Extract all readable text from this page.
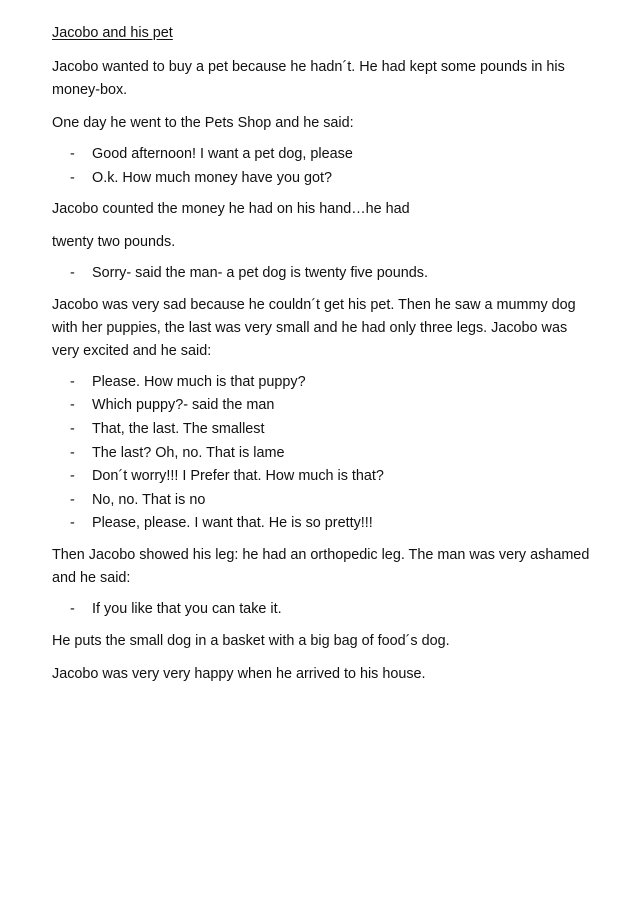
Jacobo and his pet

Jacobo wanted to buy a pet because he hadn´t. He had kept some pounds in his money-box.

One day he went to the Pets Shop and he said:

- Good afternoon! I want a pet dog, please
- O.k. How much money have you got?

Jacobo counted the money he had on his hand…he had

twenty two pounds.

- Sorry- said the man- a pet dog is twenty five pounds.

Jacobo was very sad because he couldn´t get his pet. Then he saw a mummy dog with her puppies, the last was very small and he had only three legs. Jacobo was very excited and he said:

- Please. How much is that puppy?
- Which puppy?- said the man
- That, the last. The smallest
- The last? Oh, no. That is lame
- Don´t worry!!! I Prefer that. How much is that?
- No, no. That is no
- Please, please. I want that. He is so pretty!!!

Then Jacobo showed his leg: he had an orthopedic leg. The man was very ashamed and he said:

- If you like that you can take it.

He puts the small dog in a basket with a big bag of food´s dog.

Jacobo was very very happy when he arrived to his house.
